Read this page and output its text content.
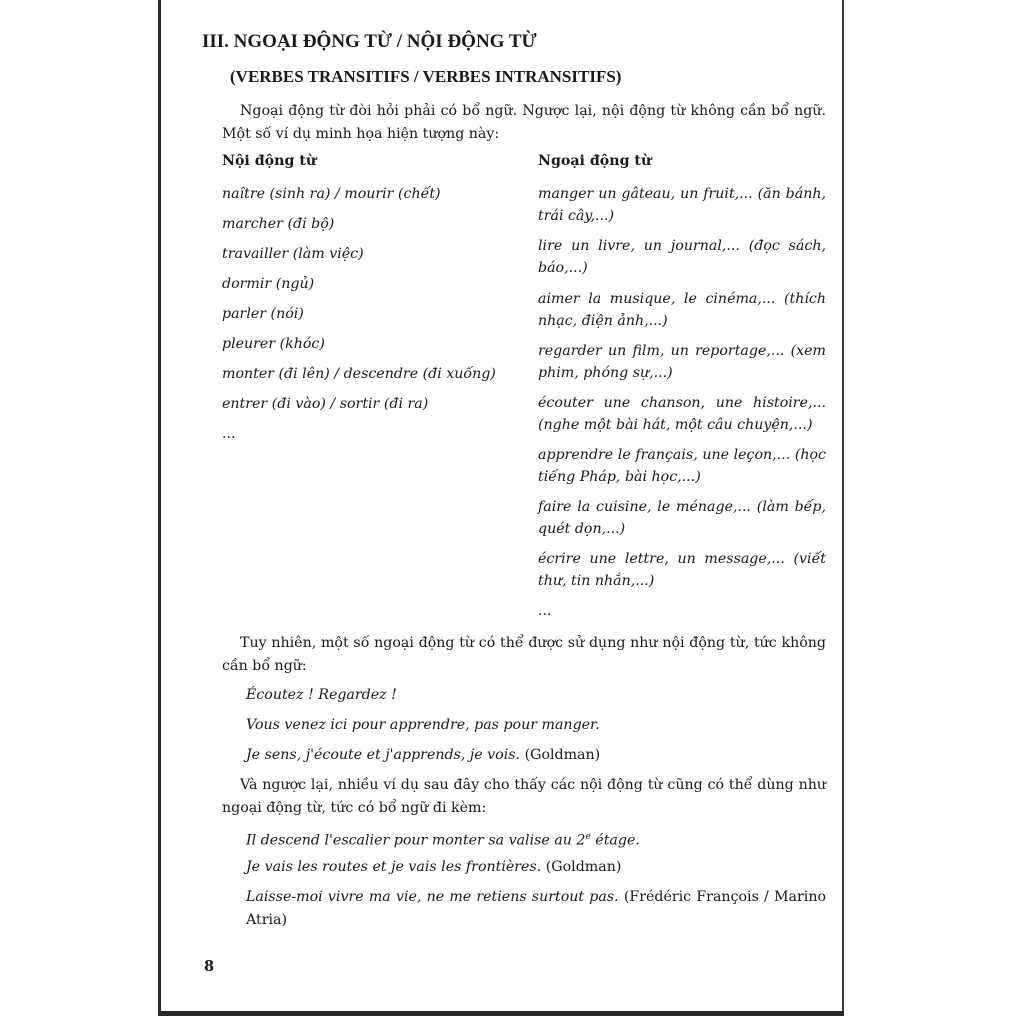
III. NGOẠI ĐỘNG TỪ / NỘI ĐỘNG TỪ
(VERBES TRANSITIFS / VERBES INTRANSITIFS)

Ngoại động từ đòi hỏi phải có bổ ngữ. Ngược lại, nội động từ không cần bổ ngữ. Một số ví dụ minh họa hiện tượng này:

Nội động từ	Ngoại động từ

naître (sinh ra) / mourir (chết)

marcher (đi bộ)

travailler (làm việc)

dormir (ngủ)

parler (nói)

pleurer (khóc)

monter (đi lên) / descendre (đi xuống)

entrer (đi vào) / sortir (đi ra)

...

manger un gâteau, un fruit,... (ăn bánh, trái cây,...)

lire un livre, un journal,... (đọc sách, báo,...)

aimer la musique, le cinéma,... (thích nhạc, điện ảnh,...)

regarder un film, un reportage,... (xem phim, phóng sự,...)

écouter une chanson, une histoire,... (nghe một bài hát, một câu chuyện,...)

apprendre le français, une leçon,... (học tiếng Pháp, bài học,...)

faire la cuisine, le ménage,... (làm bếp, quét dọn,...)

écrire une lettre, un message,... (viết thư, tin nhắn,...)

...

Tuy nhiên, một số ngoại động từ có thể được sử dụng như nội động từ, tức không cần bổ ngữ:

Écoutez ! Regardez !

Vous venez ici pour apprendre, pas pour manger.

Je sens, j'écoute et j'apprends, je vois. (Goldman)

Và ngược lại, nhiều ví dụ sau đây cho thấy các nội động từ cũng có thể dùng như ngoại động từ, tức có bổ ngữ đi kèm:

Il descend l'escalier pour monter sa valise au 2e étage.

Je vais les routes et je vais les frontières. (Goldman)

Laisse-moi vivre ma vie, ne me retiens surtout pas. (Frédéric François / Marino Atria)

8
